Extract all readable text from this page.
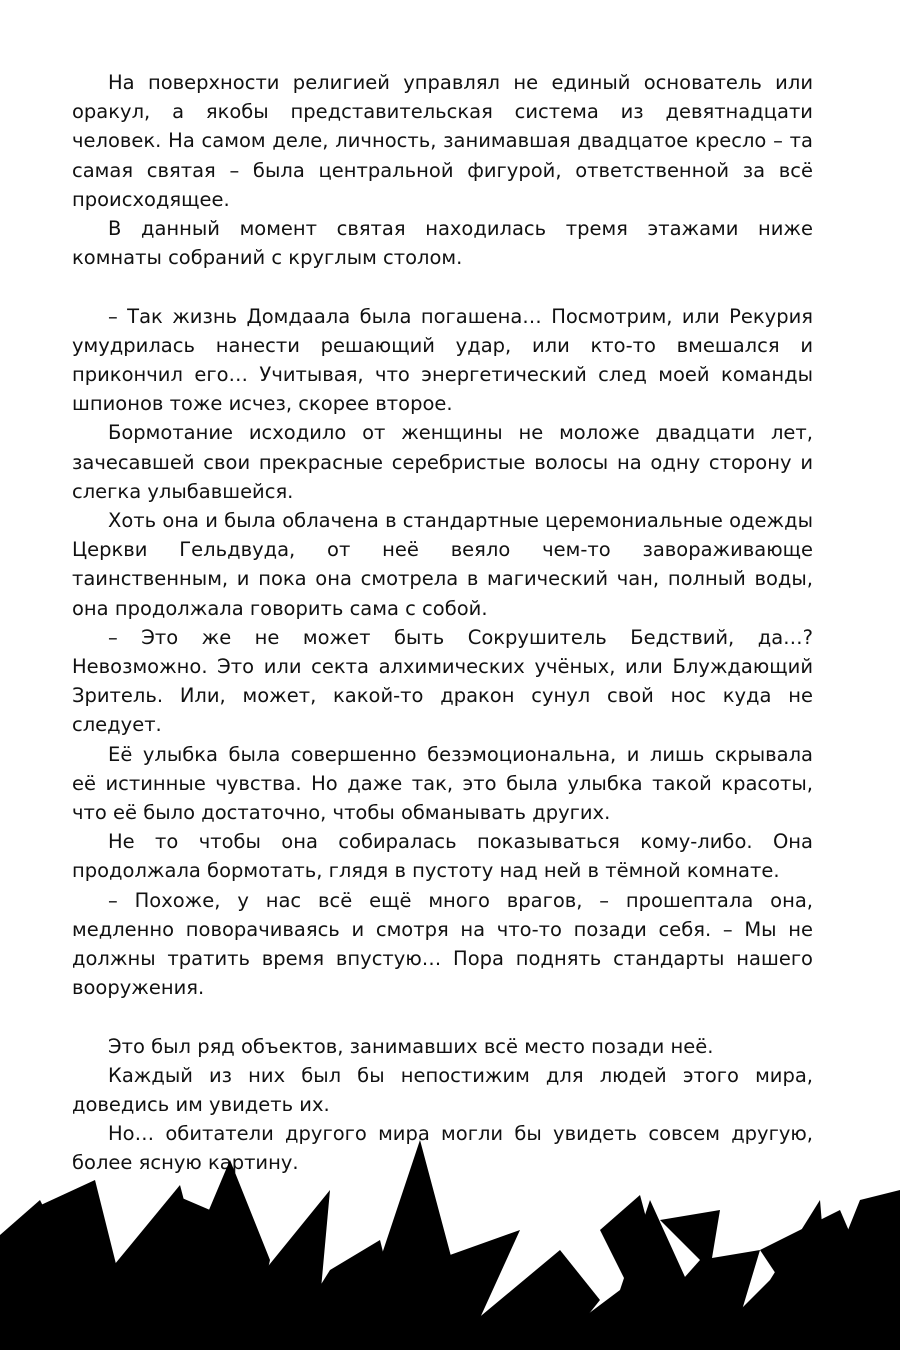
На поверхности религией управлял не единый основатель или оракул, а якобы представительская система из девятнадцати человек. На самом деле, личность, занимавшая двадцатое кресло – та самая святая – была центральной фигурой, ответственной за всё происходящее.

В данный момент святая находилась тремя этажами ниже комнаты собраний с круглым столом.

– Так жизнь Домдаала была погашена… Посмотрим, или Рекурия умудрилась нанести решающий удар, или кто-то вмешался и прикончил его… Учитывая, что энергетический след моей команды шпионов тоже исчез, скорее второе.

Бормотание исходило от женщины не моложе двадцати лет, зачесавшей свои прекрасные серебристые волосы на одну сторону и слегка улыбавшейся.

Хоть она и была облачена в стандартные церемониальные одежды Церкви Гельдвуда, от неё веяло чем-то завораживающе таинственным, и пока она смотрела в магический чан, полный воды, она продолжала говорить сама с собой.

– Это же не может быть Сокрушитель Бедствий, да…? Невозможно. Это или секта алхимических учёных, или Блуждающий Зритель. Или, может, какой-то дракон сунул свой нос куда не следует.

Её улыбка была совершенно безэмоциональна, и лишь скрывала её истинные чувства. Но даже так, это была улыбка такой красоты, что её было достаточно, чтобы обманывать других.

Не то чтобы она собиралась показываться кому-либо. Она продолжала бормотать, глядя в пустоту над ней в тёмной комнате.

– Похоже, у нас всё ещё много врагов, – прошептала она, медленно поворачиваясь и смотря на что-то позади себя. – Мы не должны тратить время впустую… Пора поднять стандарты нашего вооружения.

Это был ряд объектов, занимавших всё место позади неё.

Каждый из них был бы непостижим для людей этого мира, доведись им увидеть их.

Но… обитатели другого мира могли бы увидеть совсем другую, более ясную картину.
